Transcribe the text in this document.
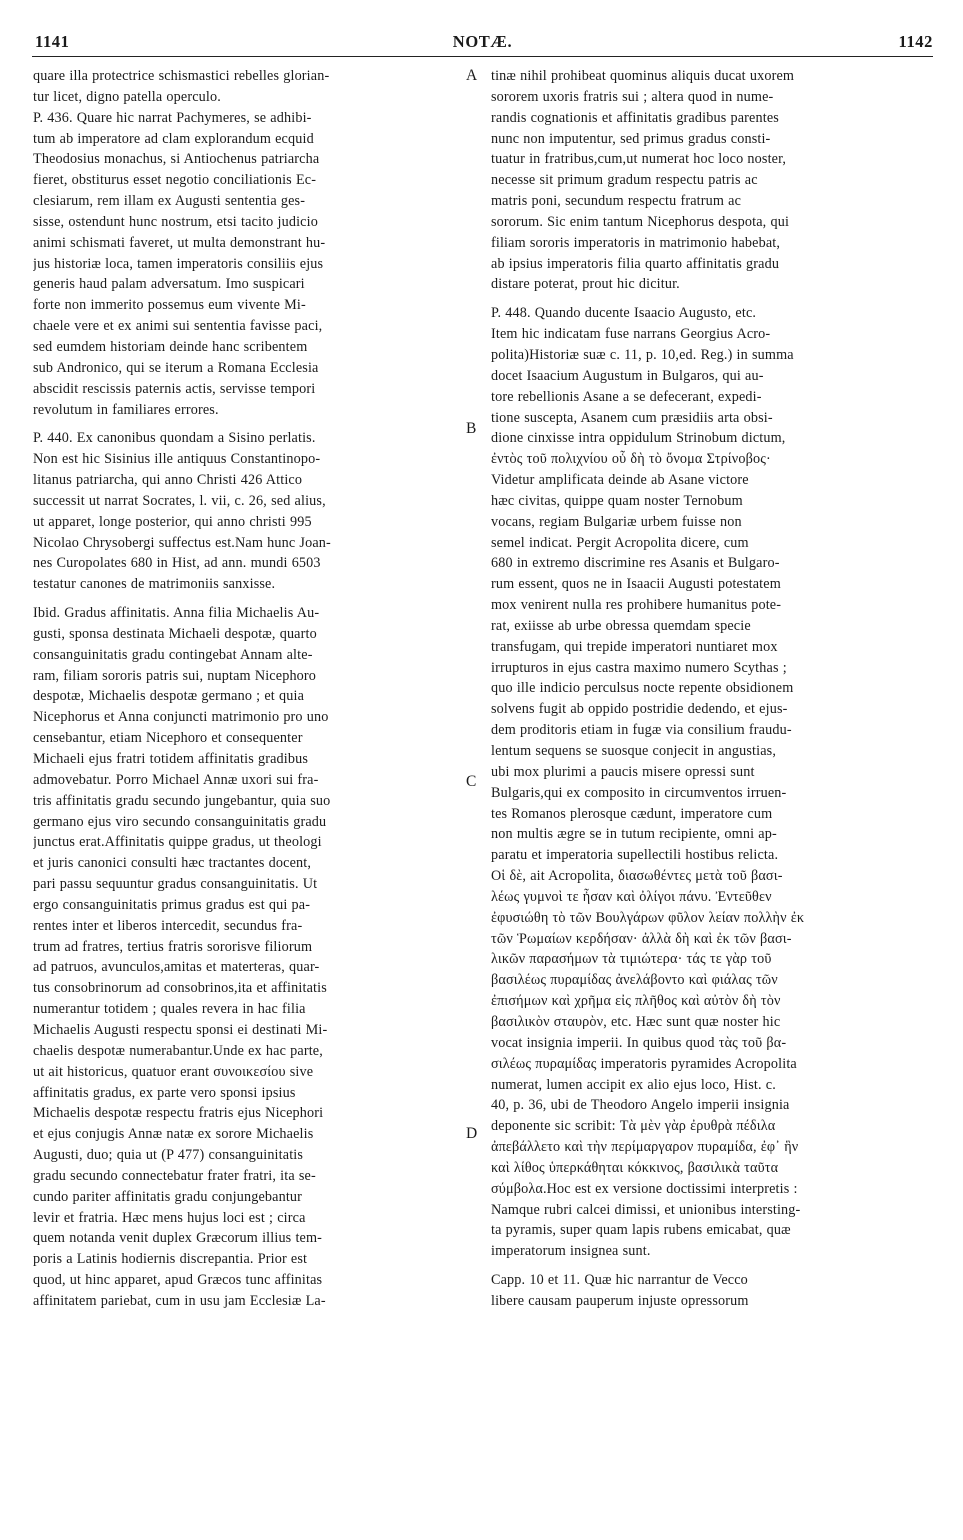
1141	NOTÆ.	1142
quare illa protectrice schismastici rebelles glorian-
tur licet, digno patella operculo.
P. 436. Quare hic narrat Pachymeres, se adhibi-
tum ab imperatore ad clam explorandum ecquid
Theodosius monachus, si Antiochenus patriarcha
fieret, obstiturus esset negotio conciliationis Ec-
clesiarum, rem illam ex Augusti sententia ges-
sisse, ostendunt hunc nostrum, etsi tacito judicio
animi schismati faveret, ut multa demonstrant hu-
jus historiæ loca, tamen imperatoris consiliis ejus
generis haud palam adversatum. Imo suspicari
forte non immerito possemus eum vivente Mi-
chaele vere et ex animi sui sententia favisse paci,
sed eumdem historiam deinde hanc scribentem
sub Andronico, qui se iterum a Romana Ecclesia
abscidit rescissis paternis actis, servisse tempori
revolutum in familiares errores.
P. 440. Ex canonibus quondam a Sisino perlatis.
Non est hic Sisinius ille antiquus Constantinopo-
litanus patriarcha, qui anno Christi 426 Attico
successit ut narrat Socrates, l. vii, c. 26, sed alius,
ut apparet, longe posterior, qui anno christi 995
Nicolao Chrysobergi suffectus est.Nam hunc Joan-
nes Curopolates 680 in Hist, ad ann. mundi 6503
testatur canones de matrimoniis sanxisse.
Ibid. Gradus affinitatis. Anna filia Michaelis Au-
gusti, sponsa destinata Michaeli despotæ, quarto
consanguinitatis gradu contingebat Annam alte-
ram, filiam sororis patris sui, nuptam Nicephoro
despotæ, Michaelis despotæ germano ; et quia
Nicephorus et Anna conjuncti matrimonio pro uno
censebantur, etiam Nicephoro et consequenter
Michaeli ejus fratri totidem affinitatis gradibus
admovebatur. Porro Michael Annæ uxori sui fra-
tris affinitatis gradu secundo jungebantur, quia suo
germano ejus viro secundo consanguinitatis gradu
junctus erat.Affinitatis quippe gradus, ut theologi
et juris canonici consulti hæc tractantes docent,
pari passu sequuntur gradus consanguinitatis. Ut
ergo consanguinitatis primus gradus est qui pa-
rentes inter et liberos intercedit, secundus fra-
trum ad fratres, tertius fratris sororisve filiorum
ad patruos, avunculos,amitas et materteras, quar-
tus consobrinorum ad consobrinos,ita et affinitatis
numerantur totidem ; quales revera in hac filia
Michaelis Augusti respectu sponsi ei destinati Mi-
chaelis despotæ numerabantur.Unde ex hac parte,
ut ait historicus, quatuor erant συνοικεσίου sive
affinitatis gradus, ex parte vero sponsi ipsius
Michaelis despotæ respectu fratris ejus Nicephori
et ejus conjugis Annæ natæ ex sorore Michaelis
Augusti, duo; quia ut (P 477) consanguinitatis
gradu secundo connectebatur frater fratri, ita se-
cundo pariter affinitatis gradu conjungebantur
levir et fratria. Hæc mens hujus loci est ; circa
quem notanda venit duplex Græcorum illius tem-
poris a Latinis hodiernis discrepantia. Prior est
quod, ut hinc apparet, apud Græcos tunc affinitas
affinitatem pariebat, cum in usu jam Ecclesiæ La-
tinæ nihil prohibeat quominus aliquis ducat uxorem
sororem uxoris fratris sui ; altera quod in nume-
randis cognationis et affinitatis gradibus parentes
nunc non imputentur, sed primus gradus consti-
tuatur in fratribus,cum,ut numerat hoc loco noster,
necesse sit primum gradum respectu patris ac
matris poni, secundum respectu fratrum ac
sororum. Sic enim tantum Nicephorus despota, qui
filiam sororis imperatoris in matrimonio habebat,
ab ipsius imperatoris filia quarto affinitatis gradu
distare poterat, prout hic dicitur.
P. 448. Quando ducente Isaacio Augusto, etc.
Item hic indicatam fuse narrans Georgius Acro-
polita)Historiæ suæ c. 11, p. 10,ed. Reg.) in summa
docet Isaacium Augustum in Bulgaros, qui au-
tore rebellionis Asane a se defecerant, expedi-
tione suscepta, Asanem cum præsidiis arta obsi-
dione cinxisse intra oppidulum Strinobum dictum,
ἐντὸς τοῦ πολιχνίου οὗ δὴ τὸ ὄνομα Στρίνοβος·
Videtur amplificata deinde ab Asane victore
hæc civitas, quippe quam noster Ternobum
vocans, regiam Bulgariæ urbem fuisse non
semel indicat. Pergit Acropolita dicere, cum
680 in extremo discrimine res Asanis et Bulgaro-
rum essent, quos ne in Isaacii Augusti potestatem
mox venirent nulla res prohibere humanitus pote-
rat, exiisse ab urbe obressa quemdam specie
transfugam, qui trepide imperatori nuntiaret mox
irrupturos in ejus castra maximo numero Scythas ;
quo ille indicio perculsus nocte repente obsidionem
solvens fugit ab oppido postridie dedendo, et ejus-
dem proditoris etiam in fugæ via consilium fraudu-
lentum sequens se suosque conjecit in angustias,
ubi mox plurimi a paucis misere opressi sunt
Bulgaris,qui ex composito in circumventos irruen-
tes Romanos plerosque cædunt, imperatore cum
non multis ægre se in tutum recipiente, omni ap-
paratu et imperatoria supellectili hostibus relicta.
Οἱ δὲ, ait Acropolita, διασωθέντες μετὰ τοῦ βασι-
λέως γυμνοὶ τε ἦσαν καὶ ὀλίγοι πάνυ. Ἐντεῦθεν
ἐφυσιώθη τὸ τῶν Βουλγάρων φῦλον λείαν πολλὴν ἐκ
τῶν Ῥωμαίων κερδήσαν· ἀλλὰ δὴ καὶ ἐκ τῶν βασι-
λικῶν παρασήμων τὰ τιμιώτερα· τάς τε γὰρ τοῦ
βασιλέως πυραμίδας ἀνελάβοντο καὶ φιάλας τῶν
ἐπισήμων καὶ χρῆμα εἰς πλῆθος καὶ αὐτὸν δὴ τὸν
βασιλικὸν σταυρὸν, etc. Hæc sunt quæ noster hic
vocat insignia imperii. In quibus quod τὰς τοῦ βα-
σιλέως πυραμίδας imperatoris pyramides Acropolita
numerat, lumen accipit ex alio ejus loco, Hist. c.
40, p. 36, ubi de Theodoro Angelo imperii insignia
deponente sic scribit: Τὰ μὲν γὰρ ἐρυθρὰ πέδιλα
ἀπεβάλλετο καὶ τὴν περίμαργαρον πυραμίδα, ἐφ᾽ ἣν
καὶ λίθος ὑπερκάθηται κόκκινος, βασιλικὰ ταῦτα
σύμβολα.Hoc est ex versione doctissimi interpretis :
Namque rubri calcei dimissi, et unionibus intersting-
ta pyramis, super quam lapis rubens emicabat, quæ
imperatorum insignea sunt.
Capp. 10 et 11. Quæ hic narrantur de Vecco
libere causam pauperum injuste opressorum
A
B
C
D
